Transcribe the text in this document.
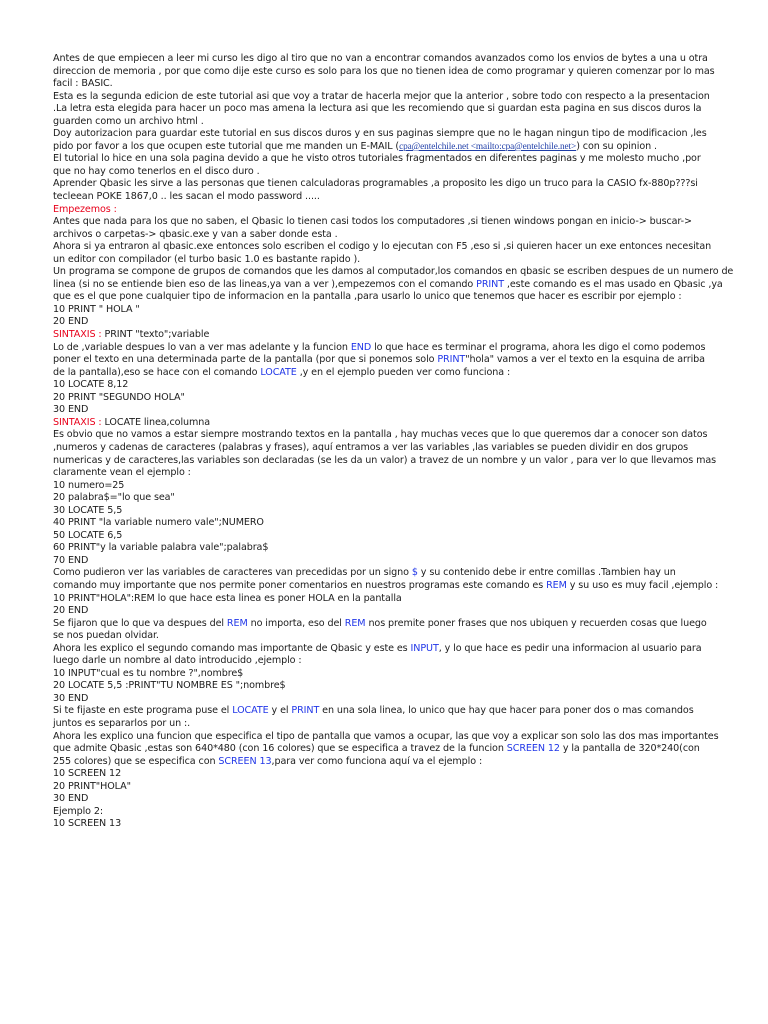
Antes de que empiecen a leer mi curso les digo al tiro que no van a encontrar comandos avanzados como los envios de bytes a una u otra
direccion de memoria , por que como dije este curso es solo para los que no tienen idea de como programar y quieren comenzar por lo mas
facil : BASIC.
Esta es la segunda edicion de este tutorial asi que voy a tratar de hacerla mejor que la anterior , sobre todo con respecto a la presentacion
.La letra esta elegida para hacer un poco mas amena la lectura asi que les recomiendo que si guardan esta pagina en sus discos duros la
guarden como un archivo html .
Doy autorizacion para guardar este tutorial en sus discos duros y en sus paginas siempre que no le hagan ningun tipo de modificacion ,les
pido por favor a los que ocupen este tutorial que me manden un E-MAIL (cpa@entelchile.net <mailto:cpa@entelchile.net>) con su opinion .
El tutorial lo hice en una sola pagina devido a que he visto otros tutoriales fragmentados en diferentes paginas y me molesto mucho ,por
que no hay como tenerlos en el disco duro .
Aprender Qbasic les sirve a las personas que tienen calculadoras programables ,a proposito les digo un truco para la CASIO fx-880p???si
tecleean POKE 1867,0 .. les sacan el modo password .....
Empezemos :
Antes que nada para los que no saben, el Qbasic lo tienen casi todos los computadores ,si tienen windows pongan en inicio-> buscar->
archivos o carpetas-> qbasic.exe y van a saber donde esta .
Ahora si ya entraron al qbasic.exe entonces solo escriben el codigo y lo ejecutan con F5 ,eso si ,si quieren hacer un exe entonces necesitan
un editor con compilador (el turbo basic 1.0 es bastante rapido ).
Un programa se compone de grupos de comandos que les damos al computador,los comandos en qbasic se escriben despues de un numero de
linea (si no se entiende bien eso de las lineas,ya van a ver ),empezemos con el comando PRINT ,este comando es el mas usado en Qbasic ,ya
que es el que pone cualquier tipo de informacion en la pantalla ,para usarlo lo unico que tenemos que hacer es escribir por ejemplo :
10 PRINT " HOLA "
20 END
SINTAXIS : PRINT "texto";variable
Lo de ,variable despues lo van a ver mas adelante y la funcion END lo que hace es terminar el programa, ahora les digo el como podemos
poner el texto en una determinada parte de la pantalla (por que si ponemos solo PRINT"hola" vamos a ver el texto en la esquina de arriba
de la pantalla),eso se hace con el comando LOCATE ,y en el ejemplo pueden ver como funciona :
10 LOCATE 8,12
20 PRINT "SEGUNDO HOLA"
30 END
SINTAXIS : LOCATE linea,columna
Es obvio que no vamos a estar siempre mostrando textos en la pantalla , hay muchas veces que lo que queremos dar a conocer son datos
,numeros y cadenas de caracteres (palabras y frases), aquí entramos a ver las variables ,las variables se pueden dividir en dos grupos
numericas y de caracteres,las variables son declaradas (se les da un valor) a travez de un nombre y un valor , para ver lo que llevamos mas
claramente vean el ejemplo :
10 numero=25
20 palabra$="lo que sea"
30 LOCATE 5,5
40 PRINT "la variable numero vale";NUMERO
50 LOCATE 6,5
60 PRINT"y la variable palabra vale";palabra$
70 END
Como pudieron ver las variables de caracteres van precedidas por un signo $ y su contenido debe ir entre comillas .Tambien hay un
comando muy importante que nos permite poner comentarios en nuestros programas este comando es REM y su uso es muy facil ,ejemplo :
10 PRINT"HOLA":REM lo que hace esta linea es poner HOLA en la pantalla
20 END
Se fijaron que lo que va despues del REM no importa, eso del REM nos premite poner frases que nos ubiquen y recuerden cosas que luego
se nos puedan olvidar.
Ahora les explico el segundo comando mas importante de Qbasic y este es INPUT, y lo que hace es pedir una informacion al usuario para
luego darle un nombre al dato introducido ,ejemplo :
10 INPUT"cual es tu nombre ?",nombre$
20 LOCATE 5,5 :PRINT"TU NOMBRE ES ";nombre$
30 END
Si te fijaste en este programa puse el LOCATE y el PRINT en una sola linea, lo unico que hay que hacer para poner dos o mas comandos
juntos es separarlos por un :.
Ahora les explico una funcion que especifica el tipo de pantalla que vamos a ocupar, las que voy a explicar son solo las dos mas importantes
que admite Qbasic ,estas son 640*480 (con 16 colores) que se especifica a travez de la funcion SCREEN 12 y la pantalla de 320*240(con
255 colores) que se especifica con SCREEN 13,para ver como funciona aquí va el ejemplo :
10 SCREEN 12
20 PRINT"HOLA"
30 END
Ejemplo 2:
10 SCREEN 13
